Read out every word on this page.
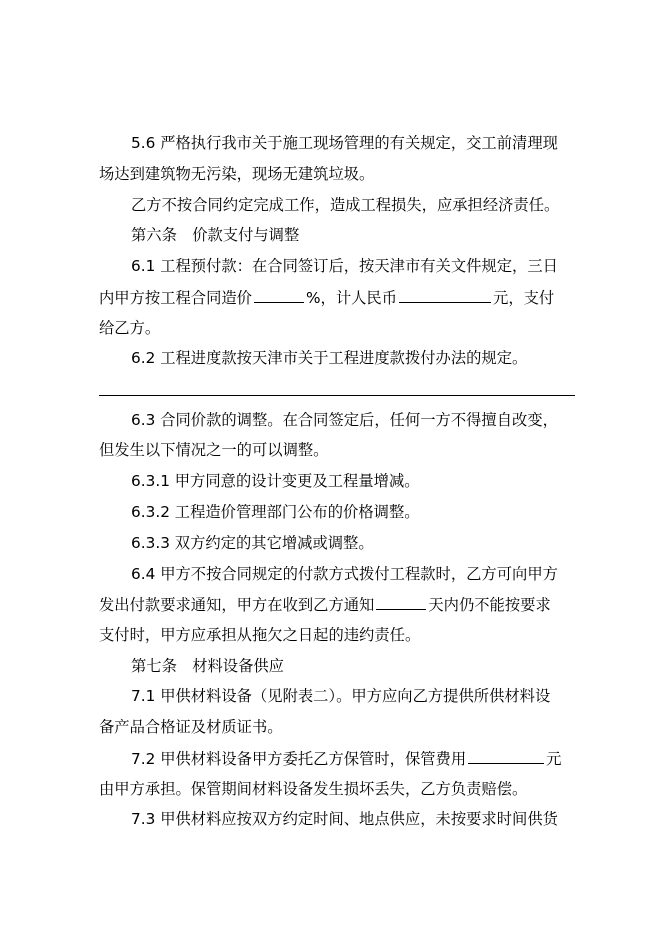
5.6 严格执行我市关于施工现场管理的有关规定，交工前清理现
场达到建筑物无污染，现场无建筑垃圾。
乙方不按合同约定完成工作，造成工程损失，应承担经济责任。
第六条　价款支付与调整
6.1 工程预付款：在合同签订后，按天津市有关文件规定，三日
内甲方按工程合同造价	%，计人民币	元，支付
给乙方。
6.2 工程进度款按天津市关于工程进度款拨付办法的规定。
6.3 合同价款的调整。在合同签定后，任何一方不得擅自改变，
但发生以下情况之一的可以调整。
6.3.1 甲方同意的设计变更及工程量增减。
6.3.2 工程造价管理部门公布的价格调整。
6.3.3 双方约定的其它增减或调整。
6.4 甲方不按合同规定的付款方式拨付工程款时，乙方可向甲方
发出付款要求通知，甲方在收到乙方通知	天内仍不能按要求
支付时，甲方应承担从拖欠之日起的违约责任。
第七条　材料设备供应
7.1 甲供材料设备（见附表二）。甲方应向乙方提供所供材料设
备产品合格证及材质证书。
7.2 甲供材料设备甲方委托乙方保管时，保管费用	元
由甲方承担。保管期间材料设备发生损坏丢失，乙方负责赔偿。
7.3 甲供材料应按双方约定时间、地点供应，未按要求时间供货
